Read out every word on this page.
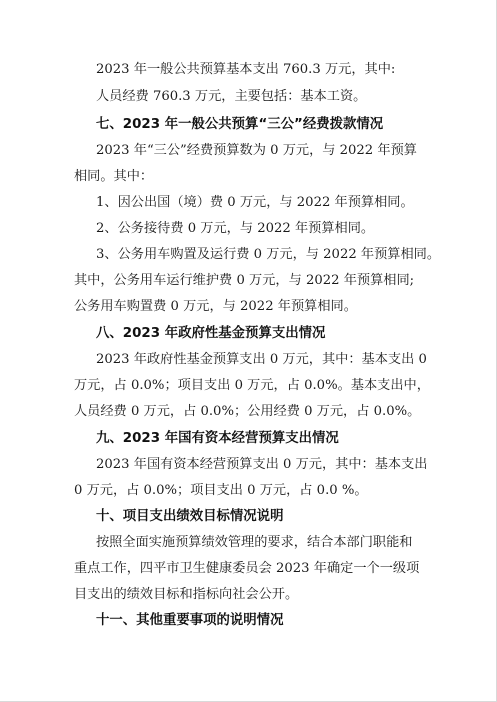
2023 年一般公共预算基本支出 760.3 万元，其中:
人员经费 760.3 万元，主要包括：基本工资。
七、2023 年一般公共预算“三公”经费拨款情况
2023 年“三公”经费预算数为 0 万元，与 2022 年预算
相同。其中：
1、因公出国（境）费 0 万元，与 2022 年预算相同。
2、公务接待费 0 万元，与 2022 年预算相同。
3、公务用车购置及运行费 0 万元，与 2022 年预算相同。
其中，公务用车运行维护费 0 万元，与 2022 年预算相同;
公务用车购置费 0 万元，与 2022 年预算相同。
八、2023 年政府性基金预算支出情况
2023 年政府性基金预算支出 0 万元，其中：基本支出 0
万元，占 0.0%；项目支出 0 万元，占 0.0%。基本支出中，
人员经费 0 万元，占 0.0%；公用经费 0 万元，占 0.0%。
九、2023 年国有资本经营预算支出情况
2023 年国有资本经营预算支出 0 万元，其中：基本支出
0 万元，占 0.0%；项目支出 0 万元，占 0.0 %。
十、项目支出绩效目标情况说明
按照全面实施预算绩效管理的要求，结合本部门职能和
重点工作，四平市卫生健康委员会 2023 年确定一个一级项
目支出的绩效目标和指标向社会公开。
十一、其他重要事项的说明情况
